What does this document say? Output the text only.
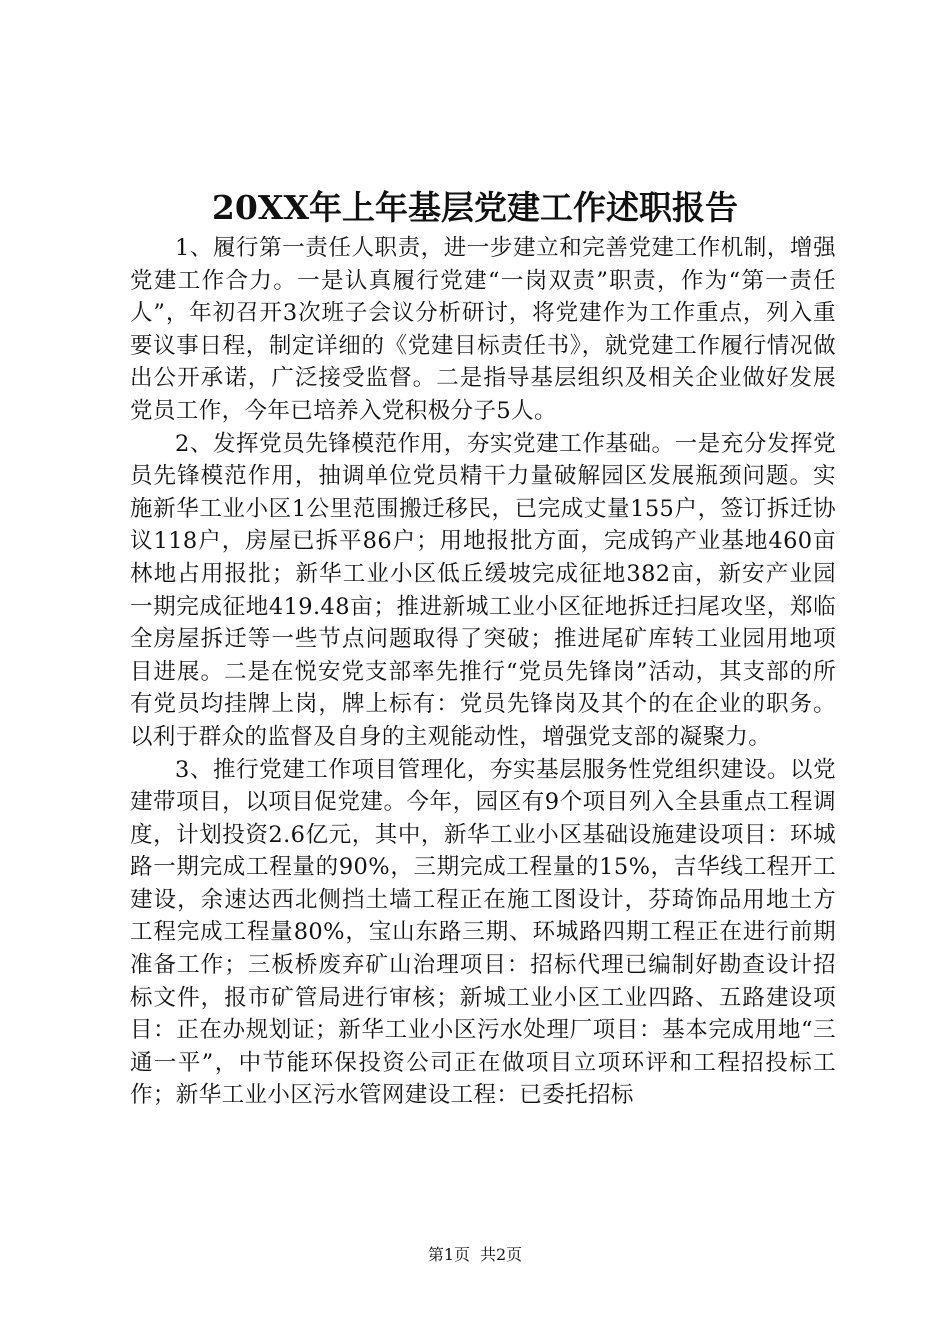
20XX年上年基层党建工作述职报告

1、履行第一责任人职责，进一步建立和完善党建工作机制，增强党建工作合力。一是认真履行党建“一岗双责”职责，作为“第一责任人”，年初召开3次班子会议分析研讨，将党建作为工作重点，列入重要议事日程，制定详细的《党建目标责任书》，就党建工作履行情况做出公开承诺，广泛接受监督。二是指导基层组织及相关企业做好发展党员工作，今年已培养入党积极分子5人。

2、发挥党员先锋模范作用，夯实党建工作基础。一是充分发挥党员先锋模范作用，抽调单位党员精干力量破解园区发展瓶颈问题。实施新华工业小区1公里范围搬迁移民，已完成丈量155户，签订拆迁协议118户，房屋已拆平86户；用地报批方面，完成钨产业基地460亩林地占用报批；新华工业小区低丘缓坡完成征地382亩，新安产业园一期完成征地419.48亩；推进新城工业小区征地拆迁扫尾攻坚，郑临全房屋拆迁等一些节点问题取得了突破；推进尾矿库转工业园用地项目进展。二是在悦安党支部率先推行“党员先锋岗”活动，其支部的所有党员均挂牌上岗，牌上标有：党员先锋岗及其个的在企业的职务。以利于群众的监督及自身的主观能动性，增强党支部的凝聚力。

3、推行党建工作项目管理化，夯实基层服务性党组织建设。以党建带项目，以项目促党建。今年，园区有9个项目列入全县重点工程调度，计划投资2.6亿元，其中，新华工业小区基础设施建设项目：环城路一期完成工程量的90%，三期完成工程量的15%，吉华线工程开工建设，余速达西北侧挡土墙工程正在施工图设计，芬琦饰品用地土方工程完成工程量80%，宝山东路三期、环城路四期工程正在进行前期准备工作；三板桥废弃矿山治理项目：招标代理已编制好勘查设计招标文件，报市矿管局进行审核；新城工业小区工业四路、五路建设项目：正在办规划证；新华工业小区污水处理厂项目：基本完成用地“三通一平”，中节能环保投资公司正在做项目立项环评和工程招投标工作；新华工业小区污水管网建设工程：已委托招标

第1页 共2页
